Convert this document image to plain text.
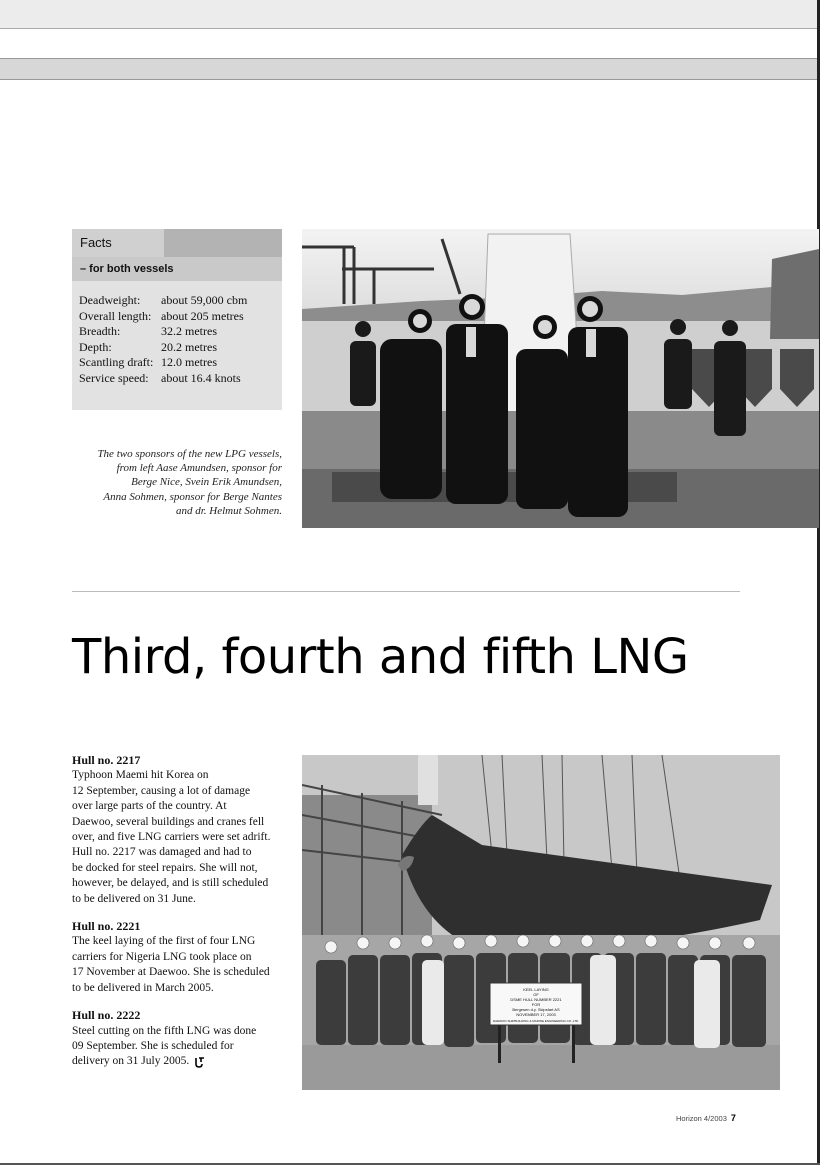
Facts
– for both vessels
Deadweight:	about 59,000 cbm
Overall length: about 205 metres
Breadth:	32.2 metres
Depth:	20.2 metres
Scantling draft: 12.0 metres
Service speed:	about 16.4 knots
The two sponsors of the new LPG vessels,
from left Aase Amundsen, sponsor for
Berge Nice, Svein Erik Amundsen,
Anna Sohmen, sponsor for Berge Nantes
and dr. Helmut Sohmen.
Third, fourth and fifth LNG
Hull no. 2217

Typhoon Maemi hit Korea on
12 September, causing a lot of damage
over large parts of the country. At
Daewoo, several buildings and cranes fell
over, and five LNG carriers were set adrift.
Hull no. 2217 was damaged and had to
be docked for steel repairs. She will not,
however, be delayed, and is still scheduled
to be delivered on 31 June.

Hull no. 2221

The keel laying of the first of four LNG
carriers for Nigeria LNG took place on
17 November at Daewoo. She is scheduled
to be delivered in March 2005.

Hull no. 2222

Steel cutting on the fifth LNG was done
09 September. She is scheduled for
delivery on 31 July 2005.

KEEL LAYING
OF
DSME HULL NUMBER 2221
FOR
Bergesen d.y. Skipsfart AS
NOVEMBER 17, 2003
DAEWOO SHIPBUILDING & MARINE ENGINEERING CO.,LTD.
Horizon 4/2003 7
